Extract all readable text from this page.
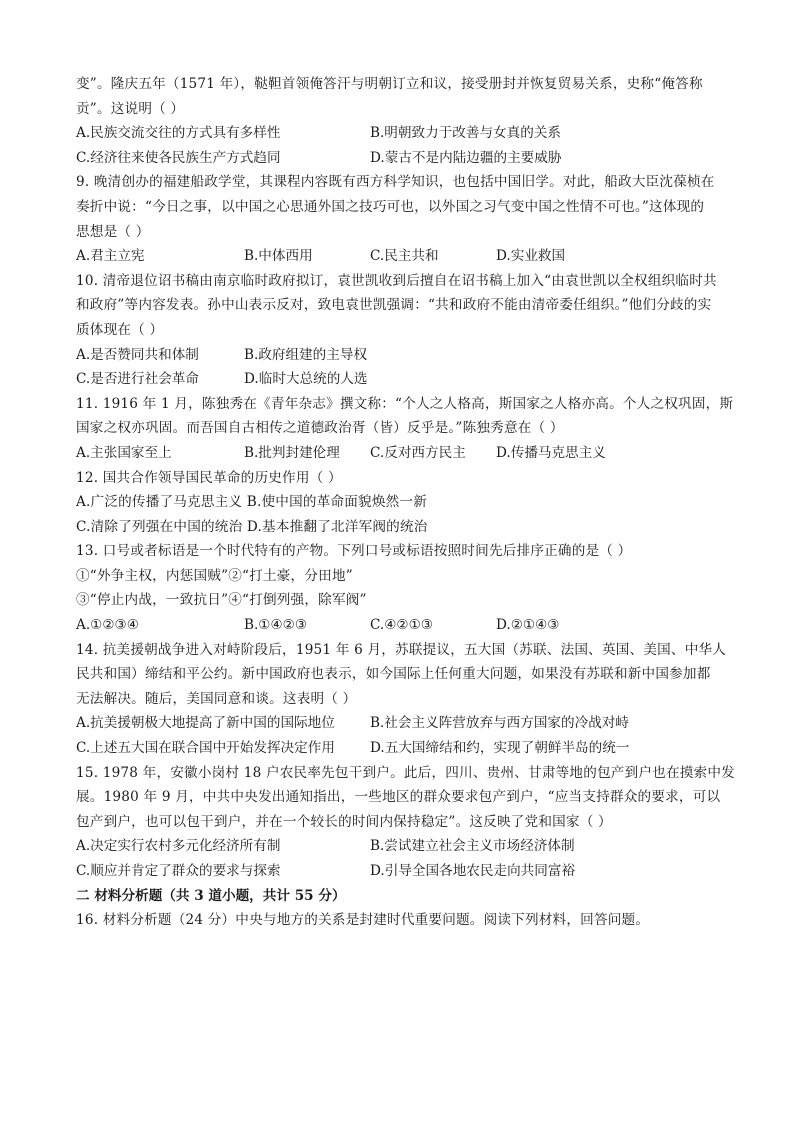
变”。隆庆五年（1571 年），鞑靼首领俺答汗与明朝订立和议，接受册封并恢复贸易关系，史称“俺答称
贡”。这说明（ ）
A.民族交流交往的方式具有多样性	B.明朝致力于改善与女真的关系
C.经济往来使各民族生产方式趋同	D.蒙古不是内陆边疆的主要威胁
9. 晚清创办的福建船政学堂，其课程内容既有西方科学知识，也包括中国旧学。对此，船政大臣沈葆桢在
奏折中说：“今日之事，以中国之心思通外国之技巧可也，以外国之习气变中国之性情不可也。”这体现的
思想是（ ）
A.君主立宪	B.中体西用	C.民主共和	D.实业救国
10. 清帝退位诏书稿由南京临时政府拟订，袁世凯收到后擅自在诏书稿上加入“由袁世凯以全权组织临时共
和政府”等内容发表。孙中山表示反对，致电袁世凯强调：“共和政府不能由清帝委任组织。”他们分歧的实
质体现在（ ）
A.是否赞同共和体制	B.政府组建的主导权
C.是否进行社会革命	D.临时大总统的人选
11. 1916 年 1 月，陈独秀在《青年杂志》撰文称：“个人之人格高，斯国家之人格亦高。个人之权巩固，斯
国家之权亦巩固。而吾国自古相传之道德政治胥（皆）反乎是。”陈独秀意在（ ）
A.主张国家至上	B.批判封建伦理	C.反对西方民主	D.传播马克思主义
12. 国共合作领导国民革命的历史作用（ ）
A.广泛的传播了马克思主义 B.使中国的革命面貌焕然一新
C.清除了列强在中国的统治 D.基本推翻了北洋军阀的统治
13. 口号或者标语是一个时代特有的产物。下列口号或标语按照时间先后排序正确的是（ ）
①“外争主权，内惩国贼”②“打土豪，分田地”
③“停止内战，一致抗日”④“打倒列强，除军阀”
A.①②③④	B.①④②③	C.④②①③	D.②①④③
14. 抗美援朝战争进入对峙阶段后，1951 年 6 月，苏联提议，五大国（苏联、法国、英国、美国、中华人
民共和国）缔结和平公约。新中国政府也表示，如今国际上任何重大问题，如果没有苏联和新中国参加都
无法解决。随后，美国同意和谈。这表明（ ）
A.抗美援朝极大地提高了新中国的国际地位	B.社会主义阵营放弃与西方国家的冷战对峙
C.上述五大国在联合国中开始发挥决定作用	D.五大国缔结和约，实现了朝鲜半岛的统一
15. 1978 年，安徽小岗村 18 户农民率先包干到户。此后，四川、贵州、甘肃等地的包产到户也在摸索中发
展。1980 年 9 月，中共中央发出通知指出，一些地区的群众要求包产到户，“应当支持群众的要求，可以
包产到户，也可以包干到户，并在一个较长的时间内保持稳定”。这反映了党和国家（ ）
A.决定实行农村多元化经济所有制	B.尝试建立社会主义市场经济体制
C.顺应并肯定了群众的要求与探索	D.引导全国各地农民走向共同富裕
二 材料分析题（共 3 道小题，共计 55 分）
16. 材料分析题（24 分）中央与地方的关系是封建时代重要问题。阅读下列材料，回答问题。
